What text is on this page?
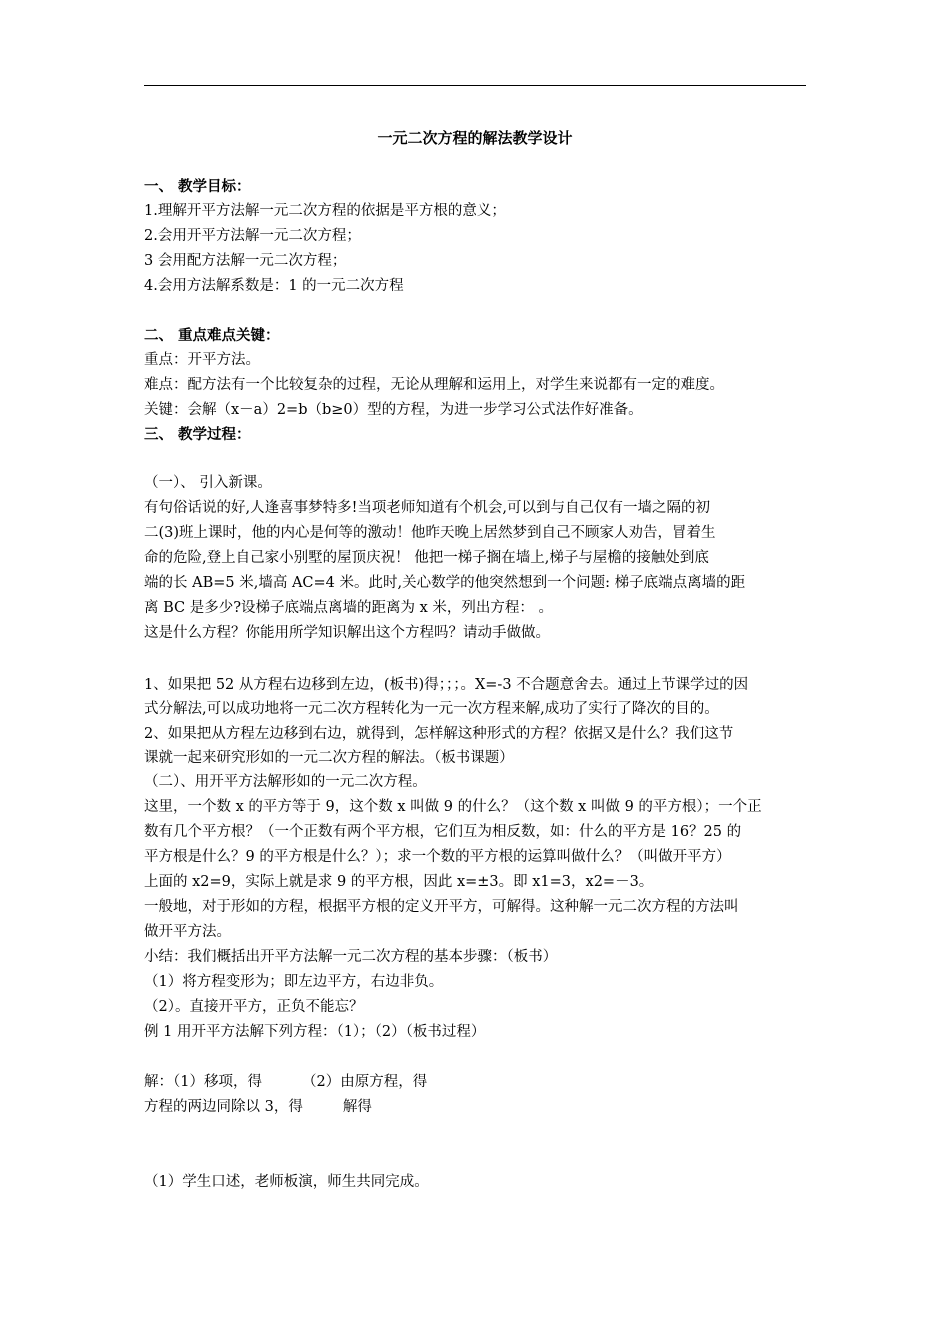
一元二次方程的解法教学设计
一、 教学目标：
1.理解开平方法解一元二次方程的依据是平方根的意义；
2.会用开平方法解一元二次方程；
3 会用配方法解一元二次方程；
4.会用方法解系数是：1 的一元二次方程
二、 重点难点关键：
重点：开平方法。
难点：配方法有一个比较复杂的过程，无论从理解和运用上，对学生来说都有一定的难度。
关键：会解（x－a）2=b（b≥0）型的方程，为进一步学习公式法作好准备。
三、 教学过程：
（一）、 引入新课。
有句俗话说的好,人逢喜事梦特多!当项老师知道有个机会,可以到与自己仅有一墙之隔的初
二(3)班上课时，他的内心是何等的激动！他昨天晚上居然梦到自己不顾家人劝告，冒着生
命的危险,登上自己家小别墅的屋顶庆祝！ 他把一梯子搁在墙上,梯子与屋檐的接触处到底
端的长 AB=5 米,墙高 AC=4 米。此时,关心数学的他突然想到一个问题: 梯子底端点离墙的距
离 BC 是多少?设梯子底端点离墙的距离为 x 米，列出方程： 。
这是什么方程？你能用所学知识解出这个方程吗？请动手做做。
1、如果把 52 从方程右边移到左边，(板书)得；；；。X=-3 不合题意舍去。通过上节课学过的因
式分解法,可以成功地将一元二次方程转化为一元一次方程来解,成功了实行了降次的目的。
2、如果把从方程左边移到右边，就得到，怎样解这种形式的方程？依据又是什么？我们这节
课就一起来研究形如的一元二次方程的解法。（板书课题）
（二）、用开平方法解形如的一元二次方程。
这里，一个数 x 的平方等于 9，这个数 x 叫做 9 的什么？（这个数 x 叫做 9 的平方根）；一个正
数有几个平方根？（一个正数有两个平方根，它们互为相反数，如：什么的平方是 16？25 的
平方根是什么？9 的平方根是什么？）；求一个数的平方根的运算叫做什么？（叫做开平方）
上面的 x2=9，实际上就是求 9 的平方根，因此 x=±3。即 x1=3，x2=－3。
一般地，对于形如的方程，根据平方根的定义开平方，可解得。这种解一元二次方程的方法叫
做开平方法。
小结：我们概括出开平方法解一元二次方程的基本步骤：（板书）
（1）将方程变形为；即左边平方，右边非负。
（2）。直接开平方，正负不能忘？
例 1 用开平方法解下列方程：（1）；（2）（板书过程）
解：（1）移项，得	（2）由原方程，得
方程的两边同除以 3，得	解得
（1）学生口述，老师板演，师生共同完成。
